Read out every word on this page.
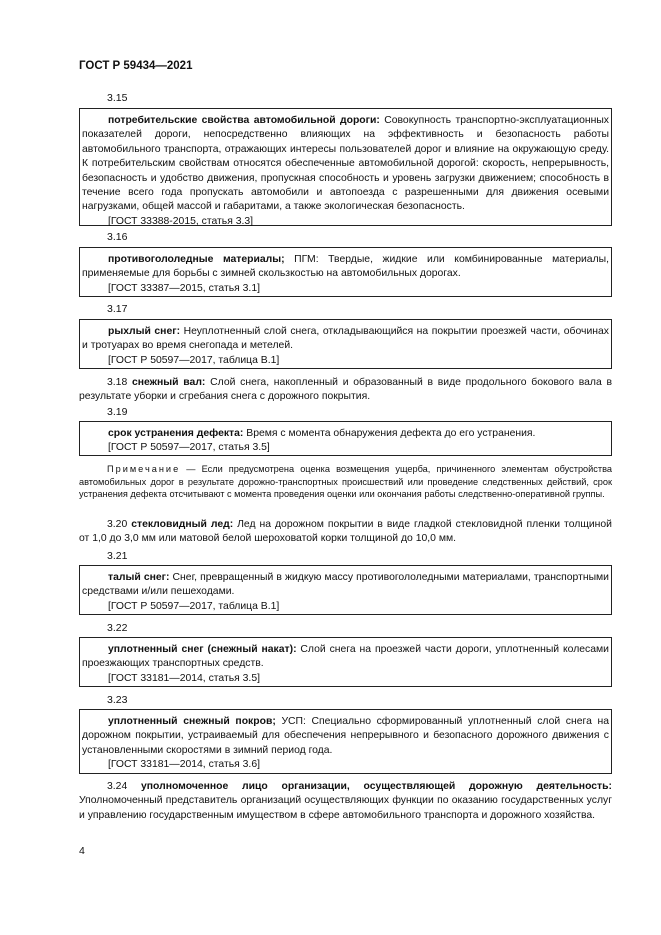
ГОСТ Р 59434—2021
3.15

потребительские свойства автомобильной дороги: Совокупность транспортно-эксплуатационных показателей дороги, непосредственно влияющих на эффективность и безопасность работы автомобильного транспорта, отражающих интересы пользователей дорог и влияние на окружающую среду. К потребительским свойствам относятся обеспеченные автомобильной дорогой: скорость, непрерывность, безопасность и удобство движения, пропускная способность и уровень загрузки движением; способность в течение всего года пропускать автомобили и автопоезда с разрешенными для движения осевыми нагрузками, общей массой и габаритами, а также экологическая безопасность.

[ГОСТ 33388-2015, статья 3.3]

3.16

противогололедные материалы; ПГМ: Твердые, жидкие или комбинированные материалы, применяемые для борьбы с зимней скользкостью на автомобильных дорогах.

[ГОСТ 33387—2015, статья 3.1]

3.17

рыхлый снег: Неуплотненный слой снега, откладывающийся на покрытии проезжей части, обочинах и тротуарах во время снегопада и метелей.

[ГОСТ Р 50597—2017, таблица В.1]

3.18 снежный вал: Слой снега, накопленный и образованный в виде продольного бокового вала в результате уборки и сгребания снега с дорожного покрытия.

3.19

срок устранения дефекта: Время с момента обнаружения дефекта до его устранения.

[ГОСТ Р 50597—2017, статья 3.5]

Примечание — Если предусмотрена оценка возмещения ущерба, причиненного элементам обустройства автомобильных дорог в результате дорожно-транспортных происшествий или проведение следственных действий, срок устранения дефекта отсчитывают с момента проведения оценки или окончания работы следственно-оперативной группы.

3.20 стекловидный лед: Лед на дорожном покрытии в виде гладкой стекловидной пленки толщиной от 1,0 до 3,0 мм или матовой белой шероховатой корки толщиной до 10,0 мм.

3.21

талый снег: Снег, превращенный в жидкую массу противогололедными материалами, транспортными средствами и/или пешеходами.

[ГОСТ Р 50597—2017, таблица В.1]

3.22

уплотненный снег (снежный накат): Слой снега на проезжей части дороги, уплотненный колесами проезжающих транспортных средств.

[ГОСТ 33181—2014, статья 3.5]

3.23

уплотненный снежный покров; УСП: Специально сформированный уплотненный слой снега на дорожном покрытии, устраиваемый для обеспечения непрерывного и безопасного дорожного движения с установленными скоростями в зимний период года.

[ГОСТ 33181—2014, статья 3.6]

3.24 уполномоченное лицо организации, осуществляющей дорожную деятельность: Уполномоченный представитель организаций осуществляющих функции по оказанию государственных услуг и управлению государственным имуществом в сфере автомобильного транспорта и дорожного хозяйства.

4
